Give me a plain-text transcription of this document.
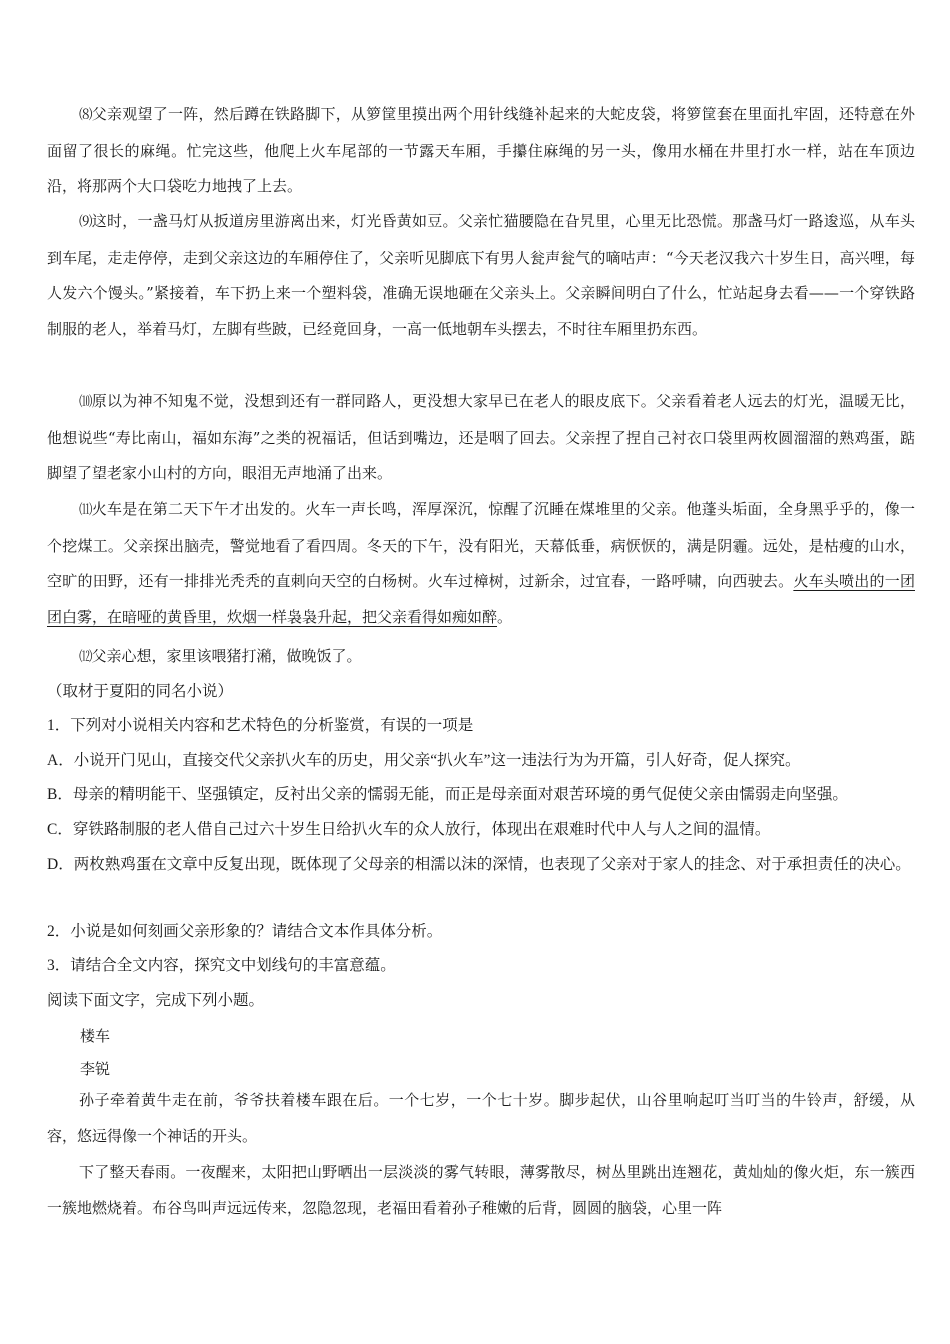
⑻父亲观望了一阵，然后蹲在铁路脚下，从箩筐里摸出两个用针线缝补起来的大蛇皮袋，将箩筐套在里面扎牢固，还特意在外面留了很长的麻绳。忙完这些，他爬上火车尾部的一节露天车厢，手攥住麻绳的另一头，像用水桶在井里打水一样，站在车顶边沿，将那两个大口袋吃力地拽了上去。

⑼这时，一盏马灯从扳道房里游离出来，灯光昏黄如豆。父亲忙猫腰隐在旮旯里，心里无比恐慌。那盏马灯一路逡巡，从车头到车尾，走走停停，走到父亲这边的车厢停住了，父亲听见脚底下有男人瓮声瓮气的嘀咕声：“今天老汉我六十岁生日，高兴哩，每人发六个馒头。”紧接着，车下扔上来一个塑料袋，准确无误地砸在父亲头上。父亲瞬间明白了什么，忙站起身去看——一个穿铁路制服的老人，举着马灯，左脚有些跛，已经竟回身，一高一低地朝车头摆去，不时往车厢里扔东西。

⑽原以为神不知鬼不觉，没想到还有一群同路人，更没想大家早已在老人的眼皮底下。父亲看着老人远去的灯光，温暖无比，他想说些“寿比南山，福如东海”之类的祝福话，但话到嘴边，还是咽了回去。父亲捏了捏自己衬衣口袋里两枚圆溜溜的熟鸡蛋，踮脚望了望老家小山村的方向，眼泪无声地涌了出来。

⑾火车是在第二天下午才出发的。火车一声长鸣，浑厚深沉，惊醒了沉睡在煤堆里的父亲。他蓬头垢面，全身黑乎乎的，像一个挖煤工。父亲探出脑壳，警觉地看了看四周。冬天的下午，没有阳光，天幕低垂，病恹恹的，满是阴霾。远处，是枯瘦的山水，空旷的田野，还有一排排光秃秃的直刺向天空的白杨树。火车过樟树，过新余，过宜春，一路呼啸，向西驶去。火车头喷出的一团团白雾，在暗哑的黄昏里，炊烟一样袅袅升起，把父亲看得如痴如醉。

⑿父亲心想，家里该喂猪打潲，做晚饭了。

（取材于夏阳的同名小说）

1．下列对小说相关内容和艺术特色的分析鉴赏，有误的一项是

A．小说开门见山，直接交代父亲扒火车的历史，用父亲“扒火车”这一违法行为为开篇，引人好奇，促人探究。

B．母亲的精明能干、坚强镇定，反衬出父亲的懦弱无能，而正是母亲面对艰苦环境的勇气促使父亲由懦弱走向坚强。

C．穿铁路制服的老人借自己过六十岁生日给扒火车的众人放行，体现出在艰难时代中人与人之间的温情。

D．两枚熟鸡蛋在文章中反复出现，既体现了父母亲的相濡以沫的深情，也表现了父亲对于家人的挂念、对于承担责任的决心。

2．小说是如何刻画父亲形象的？请结合文本作具体分析。

3．请结合全文内容，探究文中划线句的丰富意蕴。

阅读下面文字，完成下列小题。

楼车

李锐

孙子牵着黄牛走在前，爷爷扶着楼车跟在后。一个七岁，一个七十岁。脚步起伏，山谷里响起叮当叮当的牛铃声，舒缓，从容，悠远得像一个神话的开头。

下了整天春雨。一夜醒来，太阳把山野晒出一层淡淡的雾气转眼，薄雾散尽，树丛里跳出连翘花，黄灿灿的像火炬，东一簇西一簇地燃烧着。布谷鸟叫声远远传来，忽隐忽现，老福田看着孙子稚嫩的后背，圆圆的脑袋，心里一阵
